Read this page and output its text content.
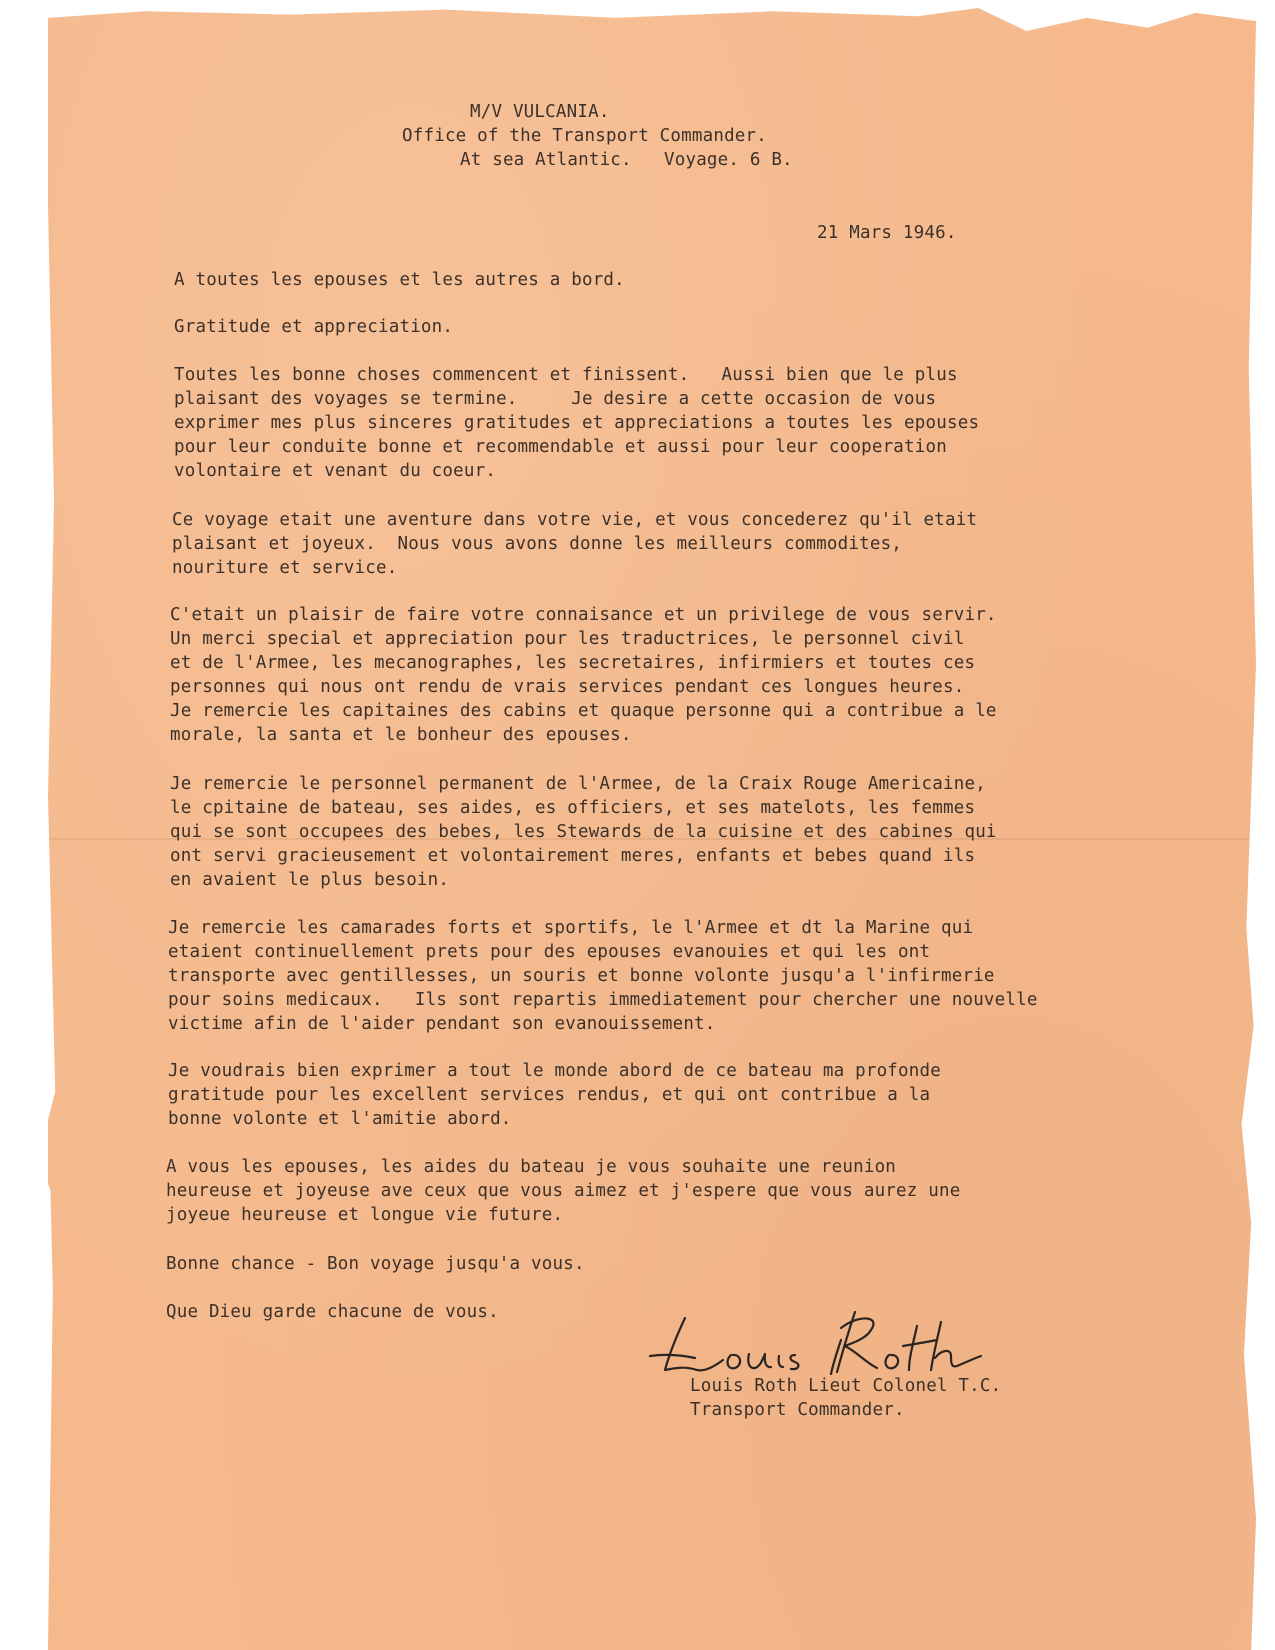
M/V VULCANIA.
Office of the Transport Commander.
At sea Atlantic.   Voyage. 6 B.
21 Mars 1946.
A toutes les epouses et les autres a bord.
Gratitude et appreciation.
Toutes les bonne choses commencent et finissent.   Aussi bien que le plus
plaisant des voyages se termine.     Je desire a cette occasion de vous
exprimer mes plus sinceres gratitudes et appreciations a toutes les epouses
pour leur conduite bonne et recommendable et aussi pour leur cooperation
volontaire et venant du coeur.
Ce voyage etait une aventure dans votre vie, et vous concederez qu'il etait
plaisant et joyeux.  Nous vous avons donne les meilleurs commodites,
nouriture et service.
C'etait un plaisir de faire votre connaisance et un privilege de vous servir.
Un merci special et appreciation pour les traductrices, le personnel civil
et de l'Armee, les mecanographes, les secretaires, infirmiers et toutes ces
personnes qui nous ont rendu de vrais services pendant ces longues heures.
Je remercie les capitaines des cabins et quaque personne qui a contribue a le
morale, la santa et le bonheur des epouses.
Je remercie le personnel permanent de l'Armee, de la Craix Rouge Americaine,
le cpitaine de bateau, ses aides, es officiers, et ses matelots, les femmes
qui se sont occupees des bebes, les Stewards de la cuisine et des cabines qui
ont servi gracieusement et volontairement meres, enfants et bebes quand ils
en avaient le plus besoin.
Je remercie les camarades forts et sportifs, le l'Armee et dt la Marine qui
etaient continuellement prets pour des epouses evanouies et qui les ont
transporte avec gentillesses, un souris et bonne volonte jusqu'a l'infirmerie
pour soins medicaux.   Ils sont repartis immediatement pour chercher une nouvelle
victime afin de l'aider pendant son evanouissement.
Je voudrais bien exprimer a tout le monde abord de ce bateau ma profonde
gratitude pour les excellent services rendus, et qui ont contribue a la
bonne volonte et l'amitie abord.
A vous les epouses, les aides du bateau je vous souhaite une reunion
heureuse et joyeuse ave ceux que vous aimez et j'espere que vous aurez une
joyeue heureuse et longue vie future.
Bonne chance - Bon voyage jusqu'a vous.
Que Dieu garde chacune de vous.
Louis Roth Lieut Colonel T.C.
Transport Commander.
